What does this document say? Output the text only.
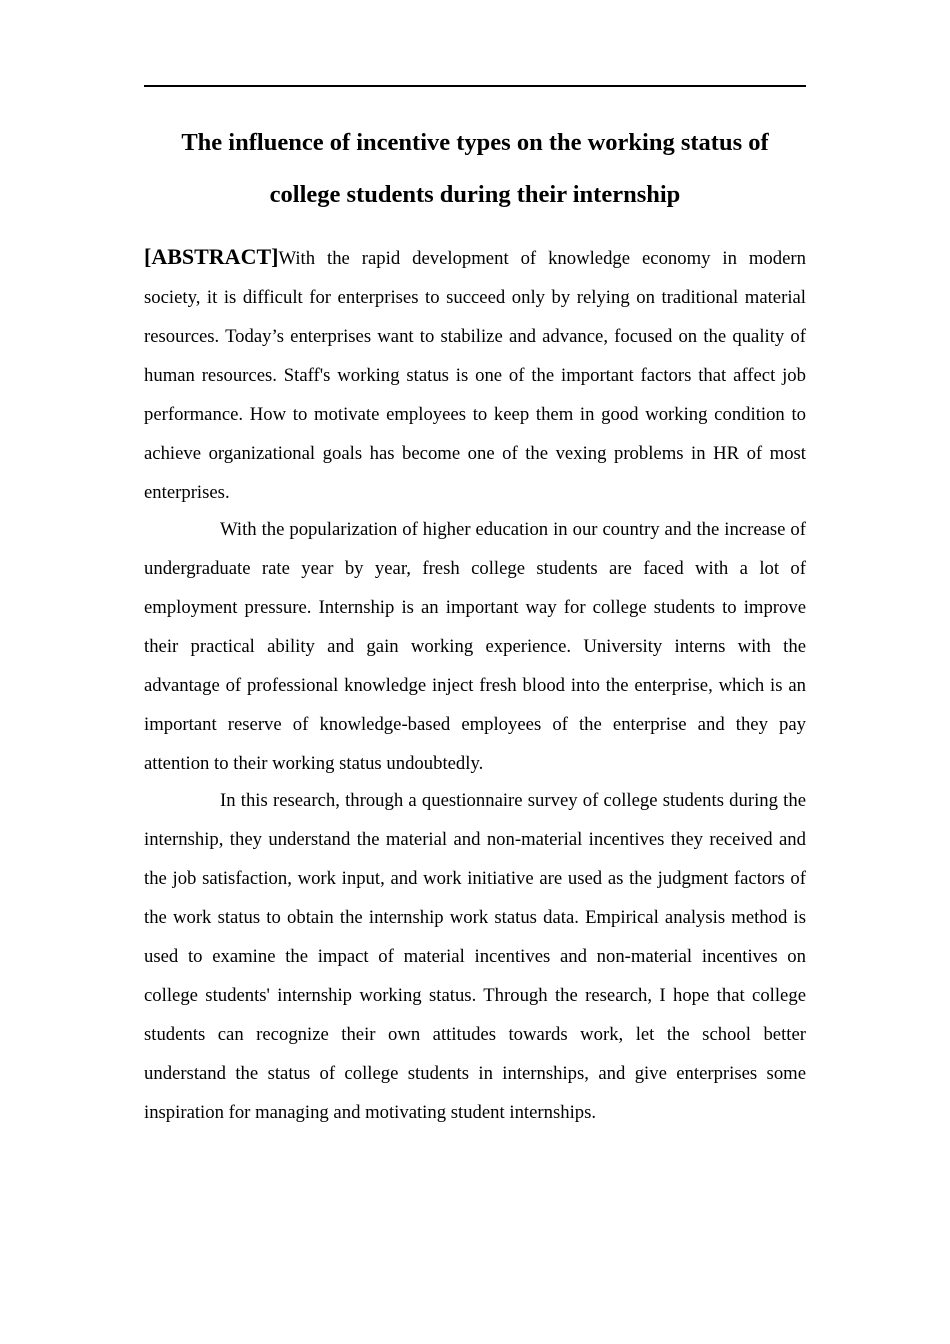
The influence of incentive types on the working status of
college students during their internship

[ABSTRACT]With the rapid development of knowledge economy in modern society, it is difficult for enterprises to succeed only by relying on traditional material resources. Today’s enterprises want to stabilize and advance, focused on the quality of human resources. Staff's working status is one of the important factors that affect job performance. How to motivate employees to keep them in good working condition to achieve organizational goals has become one of the vexing problems in HR of most enterprises.

With the popularization of higher education in our country and the increase of undergraduate rate year by year, fresh college students are faced with a lot of employment pressure. Internship is an important way for college students to improve their practical ability and gain working experience. University interns with the advantage of professional knowledge inject fresh blood into the enterprise, which is an important reserve of knowledge-based employees of the enterprise and they pay attention to their working status undoubtedly.

In this research, through a questionnaire survey of college students during the internship, they understand the material and non-material incentives they received and the job satisfaction, work input, and work initiative are used as the judgment factors of the work status to obtain the internship work status data. Empirical analysis method is used to examine the impact of material incentives and non-material incentives on college students' internship working status. Through the research, I hope that college students can recognize their own attitudes towards work, let the school better understand the status of college students in internships, and give enterprises some inspiration for managing and motivating student internships.
